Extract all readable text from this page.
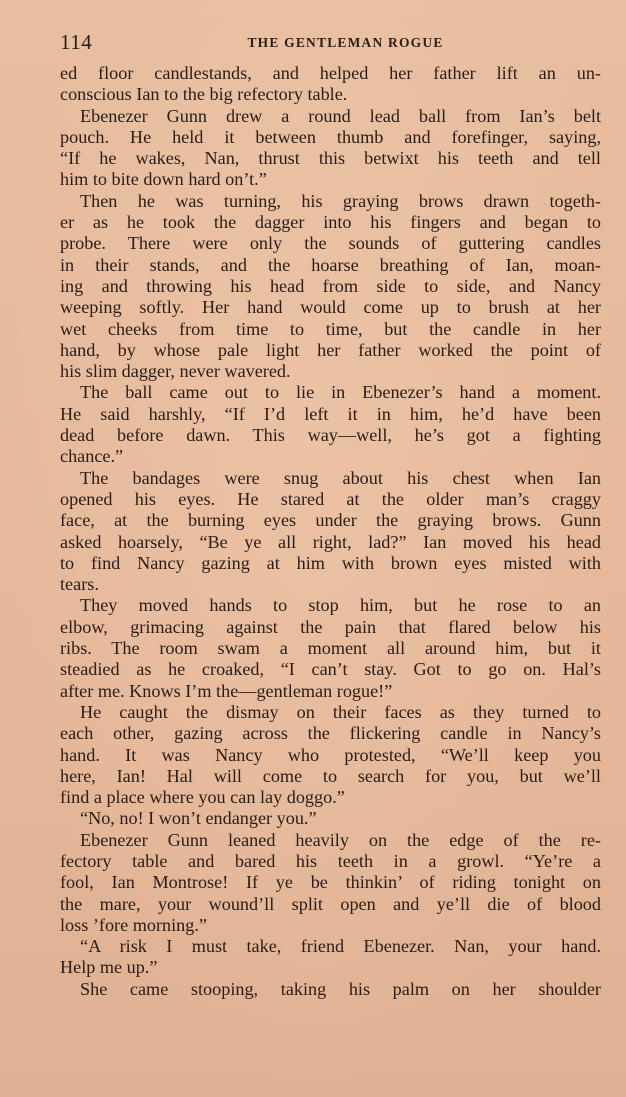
114	THE GENTLEMAN ROGUE
ed floor candlestands, and helped her father lift an un-
conscious Ian to the big refectory table.
Ebenezer Gunn drew a round lead ball from Ian’s belt
pouch. He held it between thumb and forefinger, saying,
“If he wakes, Nan, thrust this betwixt his teeth and tell
him to bite down hard on’t.”
Then he was turning, his graying brows drawn togeth-
er as he took the dagger into his fingers and began to
probe. There were only the sounds of guttering candles
in their stands, and the hoarse breathing of Ian, moan-
ing and throwing his head from side to side, and Nancy
weeping softly. Her hand would come up to brush at her
wet cheeks from time to time, but the candle in her
hand, by whose pale light her father worked the point of
his slim dagger, never wavered.
The ball came out to lie in Ebenezer’s hand a moment.
He said harshly, “If I’d left it in him, he’d have been
dead before dawn. This way—well, he’s got a fighting
chance.”
The bandages were snug about his chest when Ian
opened his eyes. He stared at the older man’s craggy
face, at the burning eyes under the graying brows. Gunn
asked hoarsely, “Be ye all right, lad?” Ian moved his head
to find Nancy gazing at him with brown eyes misted with
tears.
They moved hands to stop him, but he rose to an
elbow, grimacing against the pain that flared below his
ribs. The room swam a moment all around him, but it
steadied as he croaked, “I can’t stay. Got to go on. Hal’s
after me. Knows I’m the—gentleman rogue!”
He caught the dismay on their faces as they turned to
each other, gazing across the flickering candle in Nancy’s
hand. It was Nancy who protested, “We’ll keep you
here, Ian! Hal will come to search for you, but we’ll
find a place where you can lay doggo.”
“No, no! I won’t endanger you.”
Ebenezer Gunn leaned heavily on the edge of the re-
fectory table and bared his teeth in a growl. “Ye’re a
fool, Ian Montrose! If ye be thinkin’ of riding tonight on
the mare, your wound’ll split open and ye’ll die of blood
loss ’fore morning.”
“A risk I must take, friend Ebenezer. Nan, your hand.
Help me up.”
She came stooping, taking his palm on her shoulder
